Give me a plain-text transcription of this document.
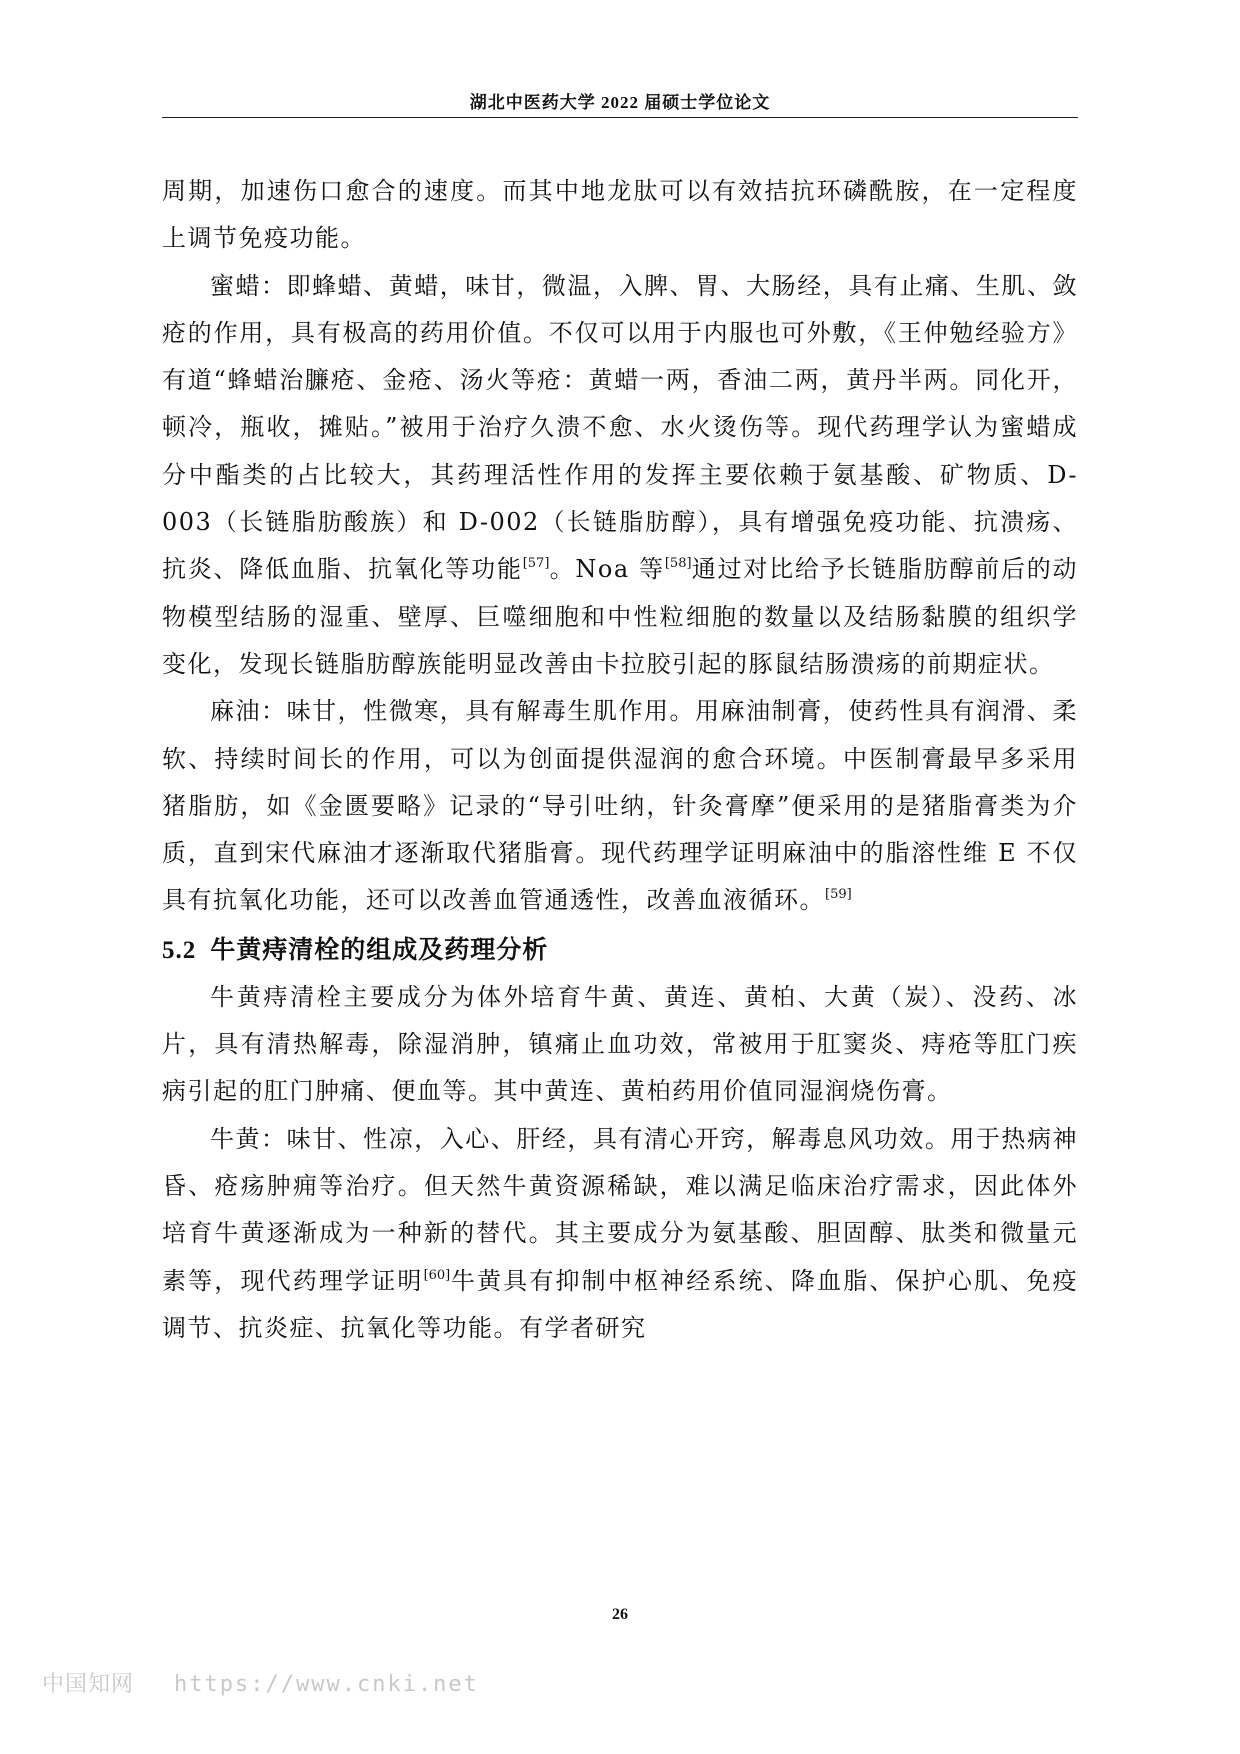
湖北中医药大学 2022 届硕士学位论文

周期，加速伤口愈合的速度。而其中地龙肽可以有效拮抗环磷酰胺，在一定程度上调节免疫功能。

蜜蜡：即蜂蜡、黄蜡，味甘，微温，入脾、胃、大肠经，具有止痛、生肌、敛疮的作用，具有极高的药用价值。不仅可以用于内服也可外敷，《王仲勉经验方》有道“蜂蜡治臁疮、金疮、汤火等疮：黄蜡一两，香油二两，黄丹半两。同化开，顿冷，瓶收，摊贴。”被用于治疗久溃不愈、水火烫伤等。现代药理学认为蜜蜡成分中酯类的占比较大，其药理活性作用的发挥主要依赖于氨基酸、矿物质、D-003（长链脂肪酸族）和 D-002（长链脂肪醇），具有增强免疫功能、抗溃疡、抗炎、降低血脂、抗氧化等功能[57]。Noa 等[58]通过对比给予长链脂肪醇前后的动物模型结肠的湿重、壁厚、巨噬细胞和中性粒细胞的数量以及结肠黏膜的组织学变化，发现长链脂肪醇族能明显改善由卡拉胶引起的豚鼠结肠溃疡的前期症状。

麻油：味甘，性微寒，具有解毒生肌作用。用麻油制膏，使药性具有润滑、柔软、持续时间长的作用，可以为创面提供湿润的愈合环境。中医制膏最早多采用猪脂肪，如《金匮要略》记录的“导引吐纳，针灸膏摩”便采用的是猪脂膏类为介质，直到宋代麻油才逐渐取代猪脂膏。现代药理学证明麻油中的脂溶性维 E 不仅具有抗氧化功能，还可以改善血管通透性，改善血液循环。[59]

5.2 牛黄痔清栓的组成及药理分析

牛黄痔清栓主要成分为体外培育牛黄、黄连、黄柏、大黄（炭）、没药、冰片，具有清热解毒，除湿消肿，镇痛止血功效，常被用于肛窦炎、痔疮等肛门疾病引起的肛门肿痛、便血等。其中黄连、黄柏药用价值同湿润烧伤膏。

牛黄：味甘、性凉，入心、肝经，具有清心开窍，解毒息风功效。用于热病神昏、疮疡肿痈等治疗。但天然牛黄资源稀缺，难以满足临床治疗需求，因此体外培育牛黄逐渐成为一种新的替代。其主要成分为氨基酸、胆固醇、肽类和微量元素等，现代药理学证明[60]牛黄具有抑制中枢神经系统、降血脂、保护心肌、免疫调节、抗炎症、抗氧化等功能。有学者研究

26
中国知网 https://www.cnki.net
